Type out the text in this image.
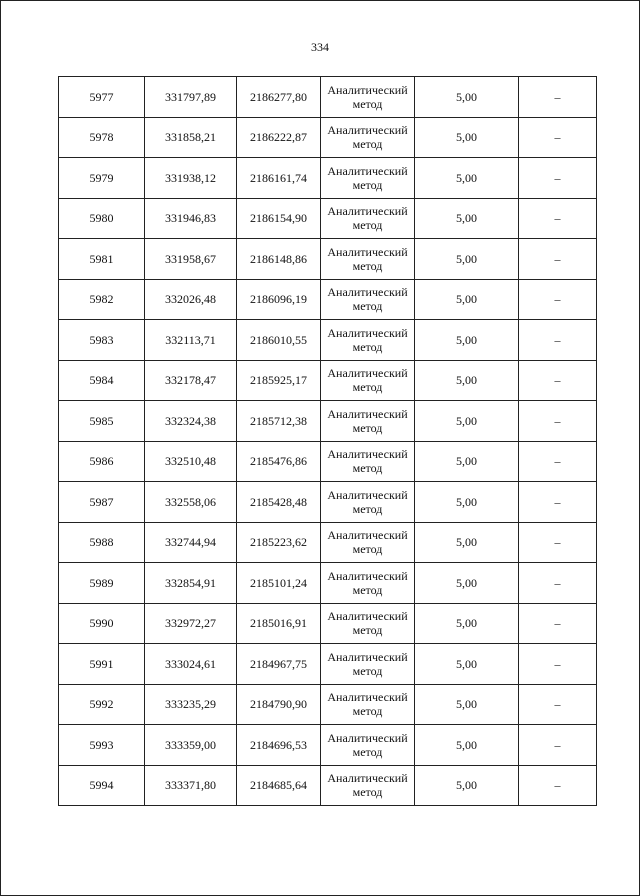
334
5977	331797,89	2186277,80	Аналитический метод	5,00	–
5978	331858,21	2186222,87	Аналитический метод	5,00	–
5979	331938,12	2186161,74	Аналитический метод	5,00	–
5980	331946,83	2186154,90	Аналитический метод	5,00	–
5981	331958,67	2186148,86	Аналитический метод	5,00	–
5982	332026,48	2186096,19	Аналитический метод	5,00	–
5983	332113,71	2186010,55	Аналитический метод	5,00	–
5984	332178,47	2185925,17	Аналитический метод	5,00	–
5985	332324,38	2185712,38	Аналитический метод	5,00	–
5986	332510,48	2185476,86	Аналитический метод	5,00	–
5987	332558,06	2185428,48	Аналитический метод	5,00	–
5988	332744,94	2185223,62	Аналитический метод	5,00	–
5989	332854,91	2185101,24	Аналитический метод	5,00	–
5990	332972,27	2185016,91	Аналитический метод	5,00	–
5991	333024,61	2184967,75	Аналитический метод	5,00	–
5992	333235,29	2184790,90	Аналитический метод	5,00	–
5993	333359,00	2184696,53	Аналитический метод	5,00	–
5994	333371,80	2184685,64	Аналитический метод	5,00	–
